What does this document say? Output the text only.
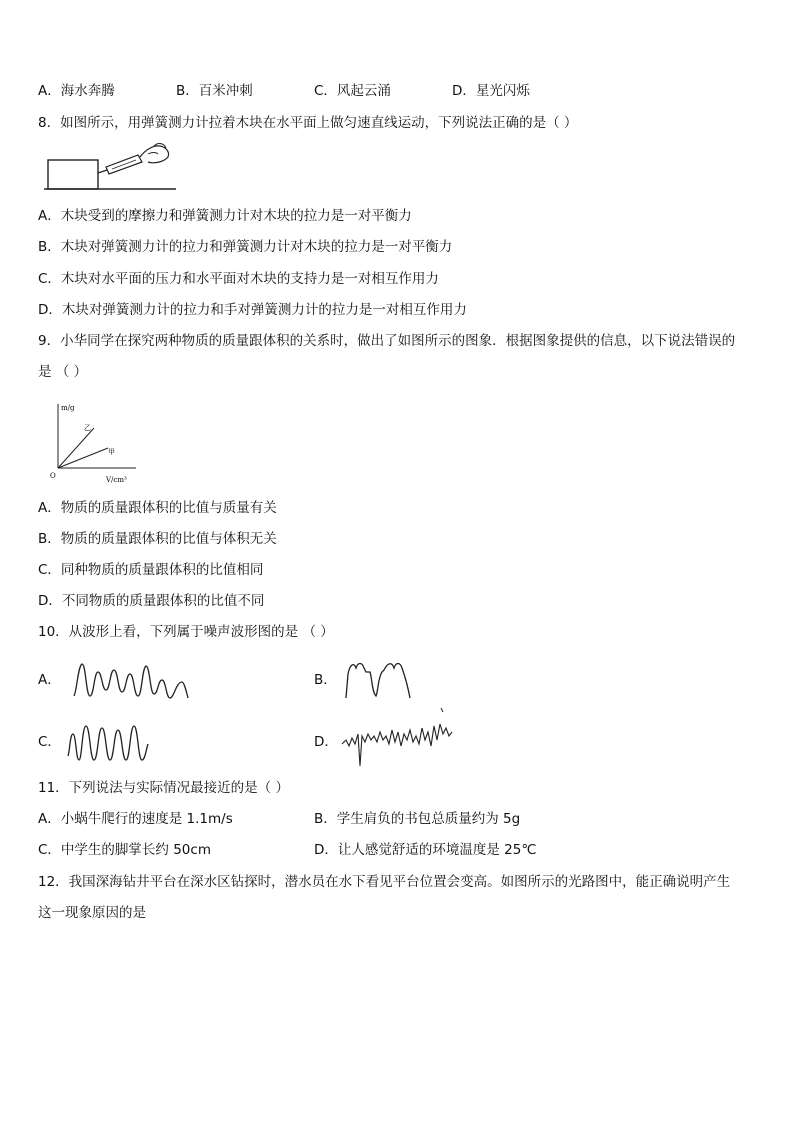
A．海水奔腾	B．百米冲刺	C．风起云涌	D．星光闪烁
8．如图所示，用弹簧测力计拉着木块在水平面上做匀速直线运动，下列说法正确的是（ ）
A．木块受到的摩擦力和弹簧测力计对木块的拉力是一对平衡力
B．木块对弹簧测力计的拉力和弹簧测力计对木块的拉力是一对平衡力
C．木块对水平面的压力和水平面对木块的支持力是一对相互作用力
D．木块对弹簧测力计的拉力和手对弹簧测力计的拉力是一对相互作用力
9．小华同学在探究两种物质的质量跟体积的关系时，做出了如图所示的图象．根据图象提供的信息，以下说法错误的
是 （ ）
m/g
V/cm³
O
乙
甲
A．物质的质量跟体积的比值与质量有关
B．物质的质量跟体积的比值与体积无关
C．同种物质的质量跟体积的比值相同
D．不同物质的质量跟体积的比值不同
10．从波形上看，下列属于噪声波形图的是 （ ）
A．	B．
C．	D．
11．下列说法与实际情况最接近的是（ ）
A．小蜗牛爬行的速度是 1.1m/s	B．学生肩负的书包总质量约为 5g
C．中学生的脚掌长约 50cm	D．让人感觉舒适的环境温度是 25℃
12．我国深海钻井平台在深水区钻探时，潜水员在水下看见平台位置会变高。如图所示的光路图中，能正确说明产生
这一现象原因的是
